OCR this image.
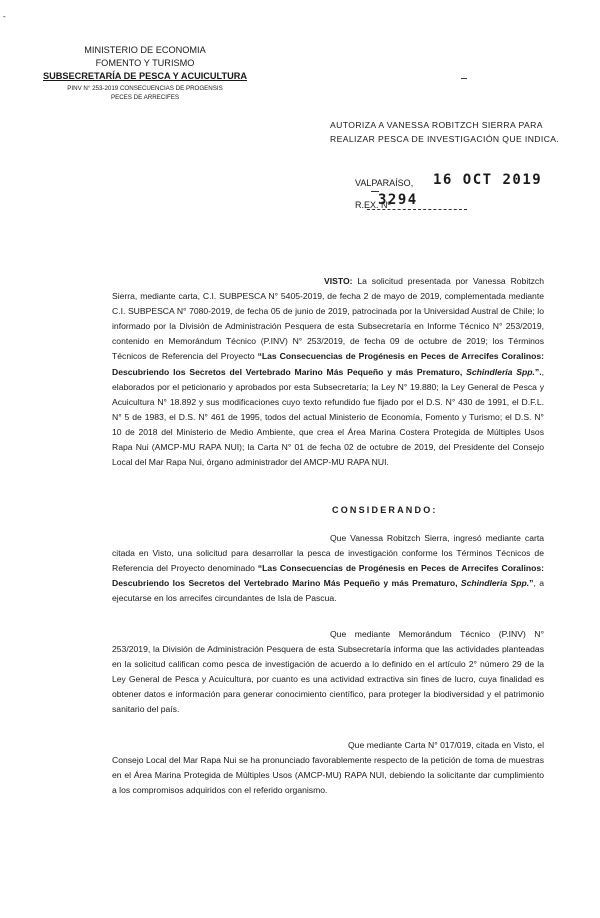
-
MINISTERIO DE ECONOMIA
FOMENTO Y TURISMO
SUBSECRETARÍA DE PESCA Y ACUICULTURA
PINV N° 253-2019 CONSECUENCIAS DE PROGENSIS
PECES DE ARRECIFES
AUTORIZA A VANESSA ROBITZCH SIERRA PARA
REALIZAR PESCA DE INVESTIGACIÓN QUE INDICA.
VALPARAÍSO, 16 OCT 2019
3294
R.EX. Nº

VISTO: La solicitud presentada por Vanessa Robitzch Sierra, mediante carta, C.I. SUBPESCA N° 5405-2019, de fecha 2 de mayo de 2019, complementada mediante C.I. SUBPESCA N° 7080-2019, de fecha 05 de junio de 2019, patrocinada por la Universidad Austral de Chile; lo informado por la División de Administración Pesquera de esta Subsecretaría en Informe Técnico N° 253/2019, contenido en Memorándum Técnico (P.INV) N° 253/2019, de fecha 09 de octubre de 2019; los Términos Técnicos de Referencia del Proyecto “Las Consecuencias de Progénesis en Peces de Arrecifes Coralinos: Descubriendo los Secretos del Vertebrado Marino Más Pequeño y más Prematuro, Schindleria Spp.”., elaborados por el peticionario y aprobados por esta Subsecretaría; la Ley N° 19.880; la Ley General de Pesca y Acuicultura N° 18.892 y sus modificaciones cuyo texto refundido fue fijado por el D.S. N° 430 de 1991, el D.F.L. N° 5 de 1983, el D.S. N° 461 de 1995, todos del actual Ministerio de Economía, Fomento y Turismo; el D.S. N° 10 de 2018 del Ministerio de Medio Ambiente, que crea el Área Marina Costera Protegida de Múltiples Usos Rapa Nui (AMCP-MU RAPA NUI); la Carta N° 01 de fecha 02 de octubre de 2019, del Presidente del Consejo Local del Mar Rapa Nui, órgano administrador del AMCP-MU RAPA NUI.

CONSIDERANDO:

Que Vanessa Robitzch Sierra, ingresó mediante carta citada en Visto, una solicitud para desarrollar la pesca de investigación conforme los Términos Técnicos de Referencia del Proyecto denominado “Las Consecuencias de Progénesis en Peces de Arrecifes Coralinos: Descubriendo los Secretos del Vertebrado Marino Más Pequeño y más Prematuro, Schindleria Spp.”, a ejecutarse en los arrecifes circundantes de Isla de Pascua.

Que mediante Memorándum Técnico (P.INV) N° 253/2019, la División de Administración Pesquera de esta Subsecretaría informa que las actividades planteadas en la solicitud califican como pesca de investigación de acuerdo a lo definido en el artículo 2° número 29 de la Ley General de Pesca y Acuicultura, por cuanto es una actividad extractiva sin fines de lucro, cuya finalidad es obtener datos e información para generar conocimiento científico, para proteger la biodiversidad y el patrimonio sanitario del país.

Que mediante Carta N° 017/019, citada en Visto, el Consejo Local del Mar Rapa Nui se ha pronunciado favorablemente respecto de la petición de toma de muestras en el Área Marina Protegida de Múltiples Usos (AMCP-MU) RAPA NUI, debiendo la solicitante dar cumplimiento a los compromisos adquiridos con el referido organismo.
